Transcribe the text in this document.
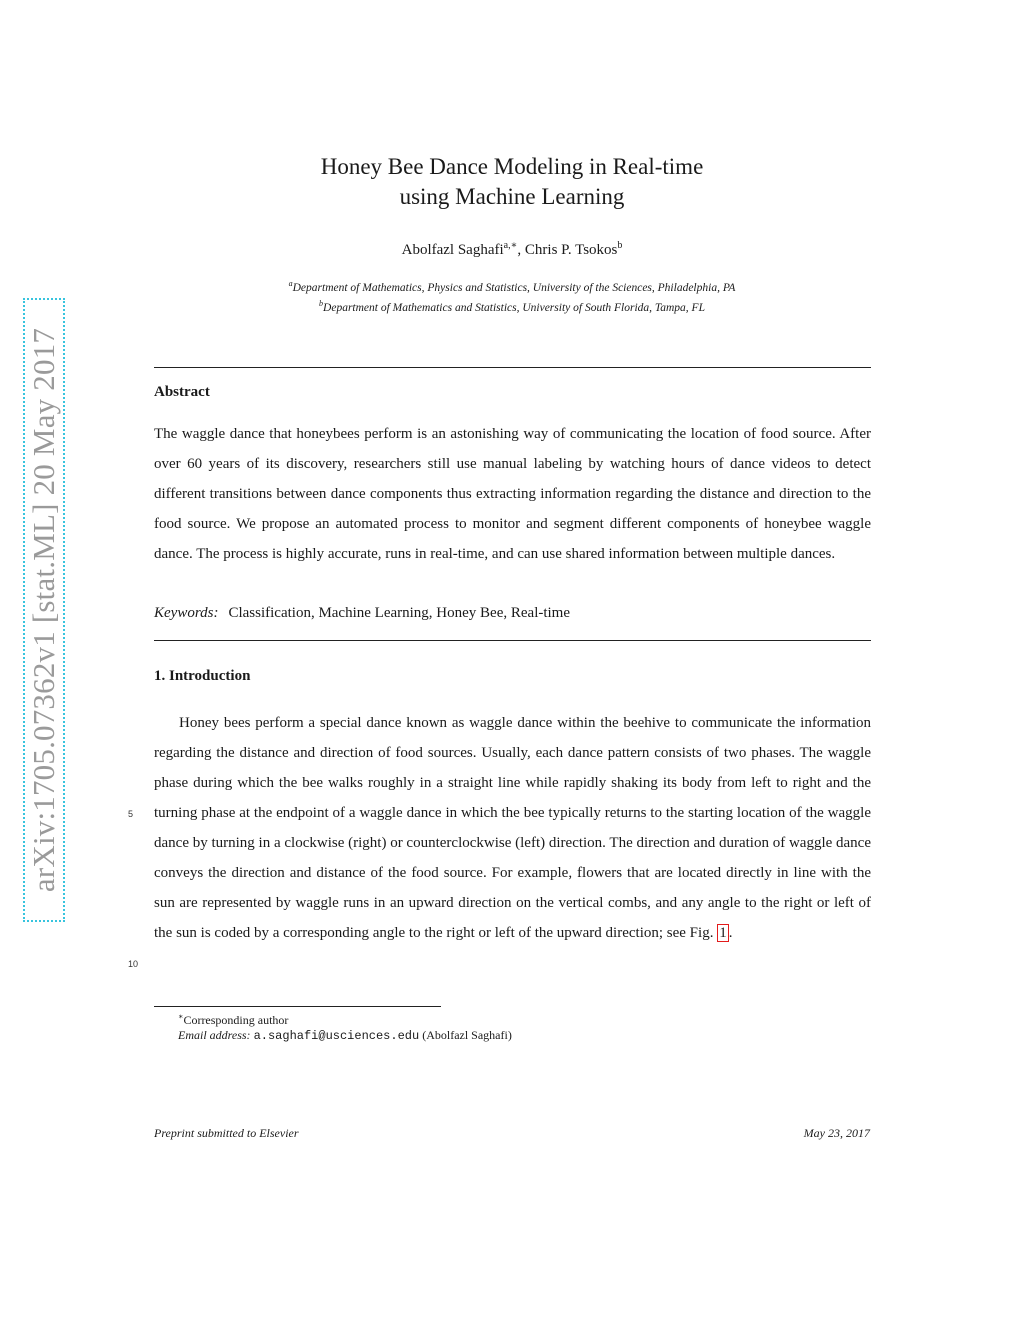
arXiv:1705.07362v1 [stat.ML] 20 May 2017
Honey Bee Dance Modeling in Real-time
using Machine Learning
Abolfazl Saghafi$^{a,∗}$, Chris P. Tsokos$^b$
$^a$Department of Mathematics, Physics and Statistics, University of the Sciences, Philadelphia, PA
$^b$Department of Mathematics and Statistics, University of South Florida, Tampa, FL
Abstract
The waggle dance that honeybees perform is an astonishing way of communicating the location of food source. After over 60 years of its discovery, researchers still use manual labeling by watching hours of dance videos to detect different transitions between dance components thus extracting information regarding the distance and direction to the food source. We propose an automated process to monitor and segment different components of honeybee waggle dance. The process is highly accurate, runs in real-time, and can use shared information between multiple dances.
Keywords: Classification, Machine Learning, Honey Bee, Real-time
1. Introduction
Honey bees perform a special dance known as waggle dance within the beehive to communicate the information regarding the distance and direction of food sources. Usually, each dance pattern consists of two phases. The waggle phase during which the bee walks roughly in a straight line while rapidly shaking its body from left to right and the turning phase at the endpoint of a waggle dance in which the bee typically returns to the starting location of the waggle dance by turning in a clockwise (right) or counterclockwise (left) direction. The direction and duration of waggle dance conveys the direction and distance of the food source. For example, flowers that are located directly in line with the sun are represented by waggle runs in an upward direction on the vertical combs, and any angle to the right or left of the sun is coded by a corresponding angle to the right or left of the upward direction; see Fig. 1 .
5
10
∗Corresponding author
Email address: a.saghafi@usciences.edu (Abolfazl Saghafi)
Preprint submitted to Elsevier	May 23, 2017
